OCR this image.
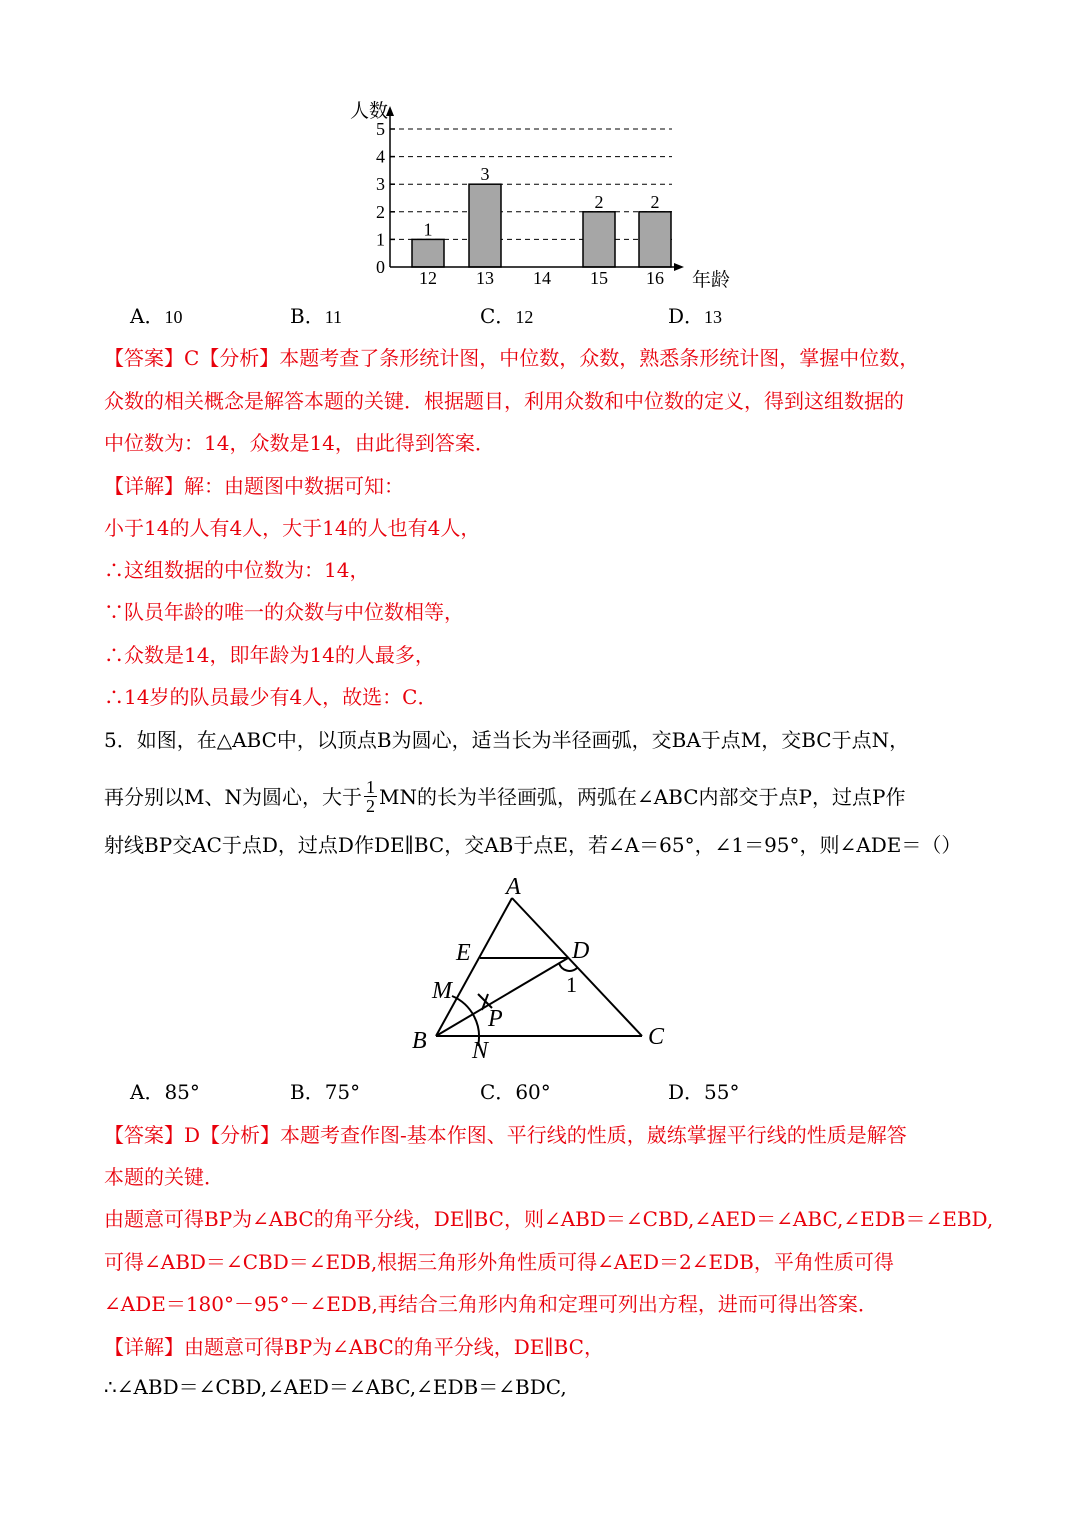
0
1
2
3
4
5
12 13 14 15 16
1
3
2	2
人数
年龄
A．10	B．11	C．12	D．13
【答案】C【分析】本题考查了条形统计图，中位数，众数，熟悉条形统计图，掌握中位数，
众数的相关概念是解答本题的关键．根据题目，利用众数和中位数的定义，得到这组数据的
中位数为：14，众数是14，由此得到答案．
【详解】解：由题图中数据可知：
小于14的人有4人，大于14的人也有4人，
∴这组数据的中位数为：14，
∵队员年龄的唯一的众数与中位数相等，
∴众数是14，即年龄为14的人最多，
∴14岁的队员最少有4人，故选：C．
5．如图，在△ABC中，以顶点B为圆心，适当长为半径画弧，交BA于点M，交BC于点N，
再分别以M、N为圆心，大于 $\frac{1}{2}$ MN的长为半径画弧，两弧在∠ABC内部交于点P，过点P作
射线BP交AC于点D，过点D作DE∥BC，交AB于点E，若∠A＝65°，∠1＝95°，则∠ADE＝（）
A
E	D
1
M
P
B N
C
A．85°	B．75°	C．60°	D．55°
【答案】D【分析】本题考查作图-基本作图、平行线的性质，崴练掌握平行线的性质是解答
本题的关键．
由题意可得BP为∠ABC的角平分线，DE∥BC，则∠ABD＝∠CBD,∠AED＝∠ABC,∠EDB＝∠EBD,
可得∠ABD＝∠CBD＝∠EDB,根据三角形外角性质可得∠AED＝2∠EDB，平角性质可得
∠ADE＝180°－95°－∠EDB,再结合三角形内角和定理可列出方程，进而可得出答案．
【详解】由题意可得BP为∠ABC的角平分线，DE∥BC，
∴∠ABD＝∠CBD,∠AED＝∠ABC,∠EDB＝∠BDC,
